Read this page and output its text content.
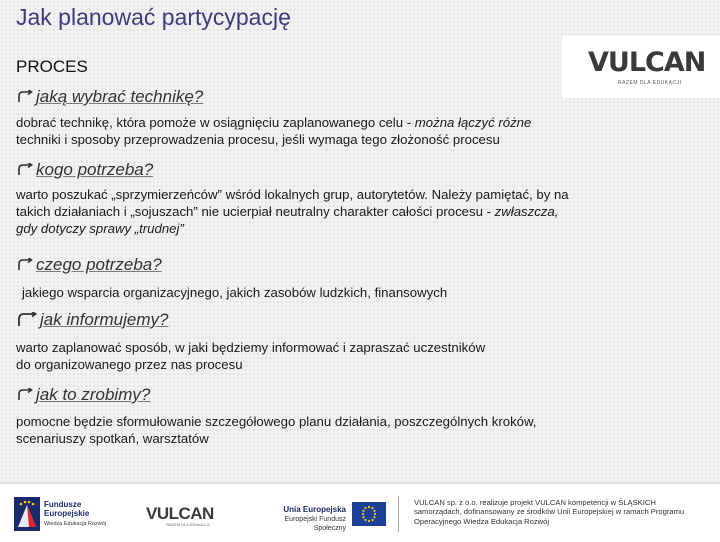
Jak planować partycypację
PROCES	VULCAN
RAZEM DLA EDUKACJI
jaką wybrać technikę?
dobrać technikę, która pomoże w osiągnięciu zaplanowanego celu - można łączyć różne
techniki i sposoby przeprowadzenia procesu, jeśli wymaga tego złożoność procesu
kogo potrzeba?
warto poszukać „sprzymierzeńców” wśród lokalnych grup, autorytetów. Należy pamiętać, by na
takich działaniach i „sojuszach” nie ucierpiał neutralny charakter całości procesu - zwłaszcza,
gdy dotyczy sprawy „trudnej”
czego potrzeba?
jakiego wsparcia organizacyjnego, jakich zasobów ludzkich, finansowych
jak informujemy?
warto zaplanować sposób, w jaki będziemy informować i zapraszać uczestników
do organizowanego przez nas procesu
jak to zrobimy?
pomocne będzie sformułowanie szczegółowego planu działania, poszczególnych kroków,
scenariuszy spotkań, warsztatów
Fundusze
Europejskie
Wiedza Edukacja Rozwój
VULCAN
RAZEM DLA EDUKACJI
Unia Europejska
Europejski Fundusz Społeczny
VULCAN sp. z o.o. realizuje projekt VULCAN kompetencji w ŚLĄSKICH
samorządach, dofinansowany ze środków Unii Europejskiej w ramach Programu
Operacyjnego Wiedza Edukacja Rozwój
